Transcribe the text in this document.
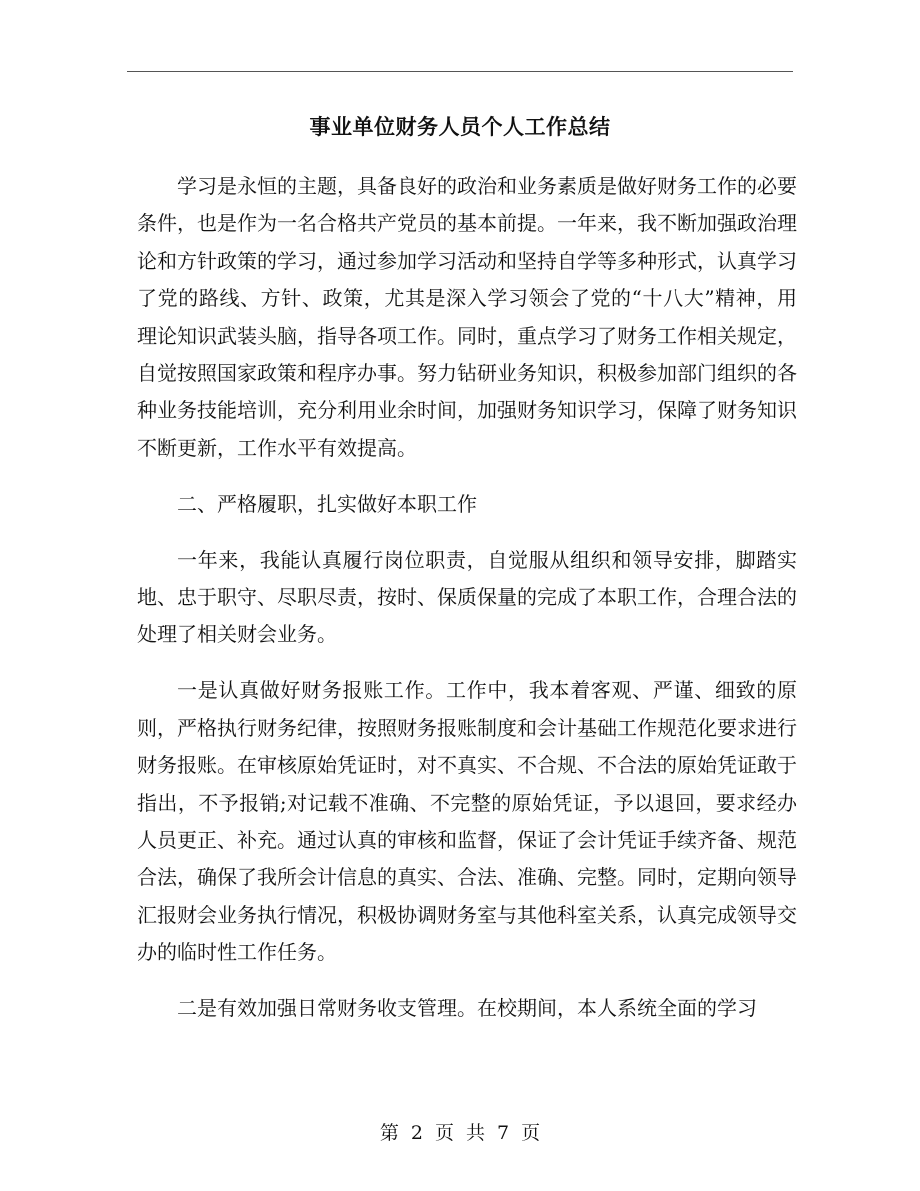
事业单位财务人员个人工作总结

学习是永恒的主题，具备良好的政治和业务素质是做好财务工作的必要条件，也是作为一名合格共产党员的基本前提。一年来，我不断加强政治理论和方针政策的学习，通过参加学习活动和坚持自学等多种形式，认真学习了党的路线、方针、政策，尤其是深入学习领会了党的“十八大”精神，用理论知识武装头脑，指导各项工作。同时，重点学习了财务工作相关规定，自觉按照国家政策和程序办事。努力钻研业务知识，积极参加部门组织的各种业务技能培训，充分利用业余时间，加强财务知识学习，保障了财务知识不断更新，工作水平有效提高。

二、严格履职，扎实做好本职工作

一年来，我能认真履行岗位职责，自觉服从组织和领导安排，脚踏实地、忠于职守、尽职尽责，按时、保质保量的完成了本职工作，合理合法的处理了相关财会业务。

一是认真做好财务报账工作。工作中，我本着客观、严谨、细致的原则，严格执行财务纪律，按照财务报账制度和会计基础工作规范化要求进行财务报账。在审核原始凭证时，对不真实、不合规、不合法的原始凭证敢于指出，不予报销;对记载不准确、不完整的原始凭证，予以退回，要求经办人员更正、补充。通过认真的审核和监督，保证了会计凭证手续齐备、规范合法，确保了我所会计信息的真实、合法、准确、完整。同时，定期向领导汇报财会业务执行情况，积极协调财务室与其他科室关系，认真完成领导交办的临时性工作任务。

二是有效加强日常财务收支管理。在校期间，本人系统全面的学习

第 2 页 共 7 页
